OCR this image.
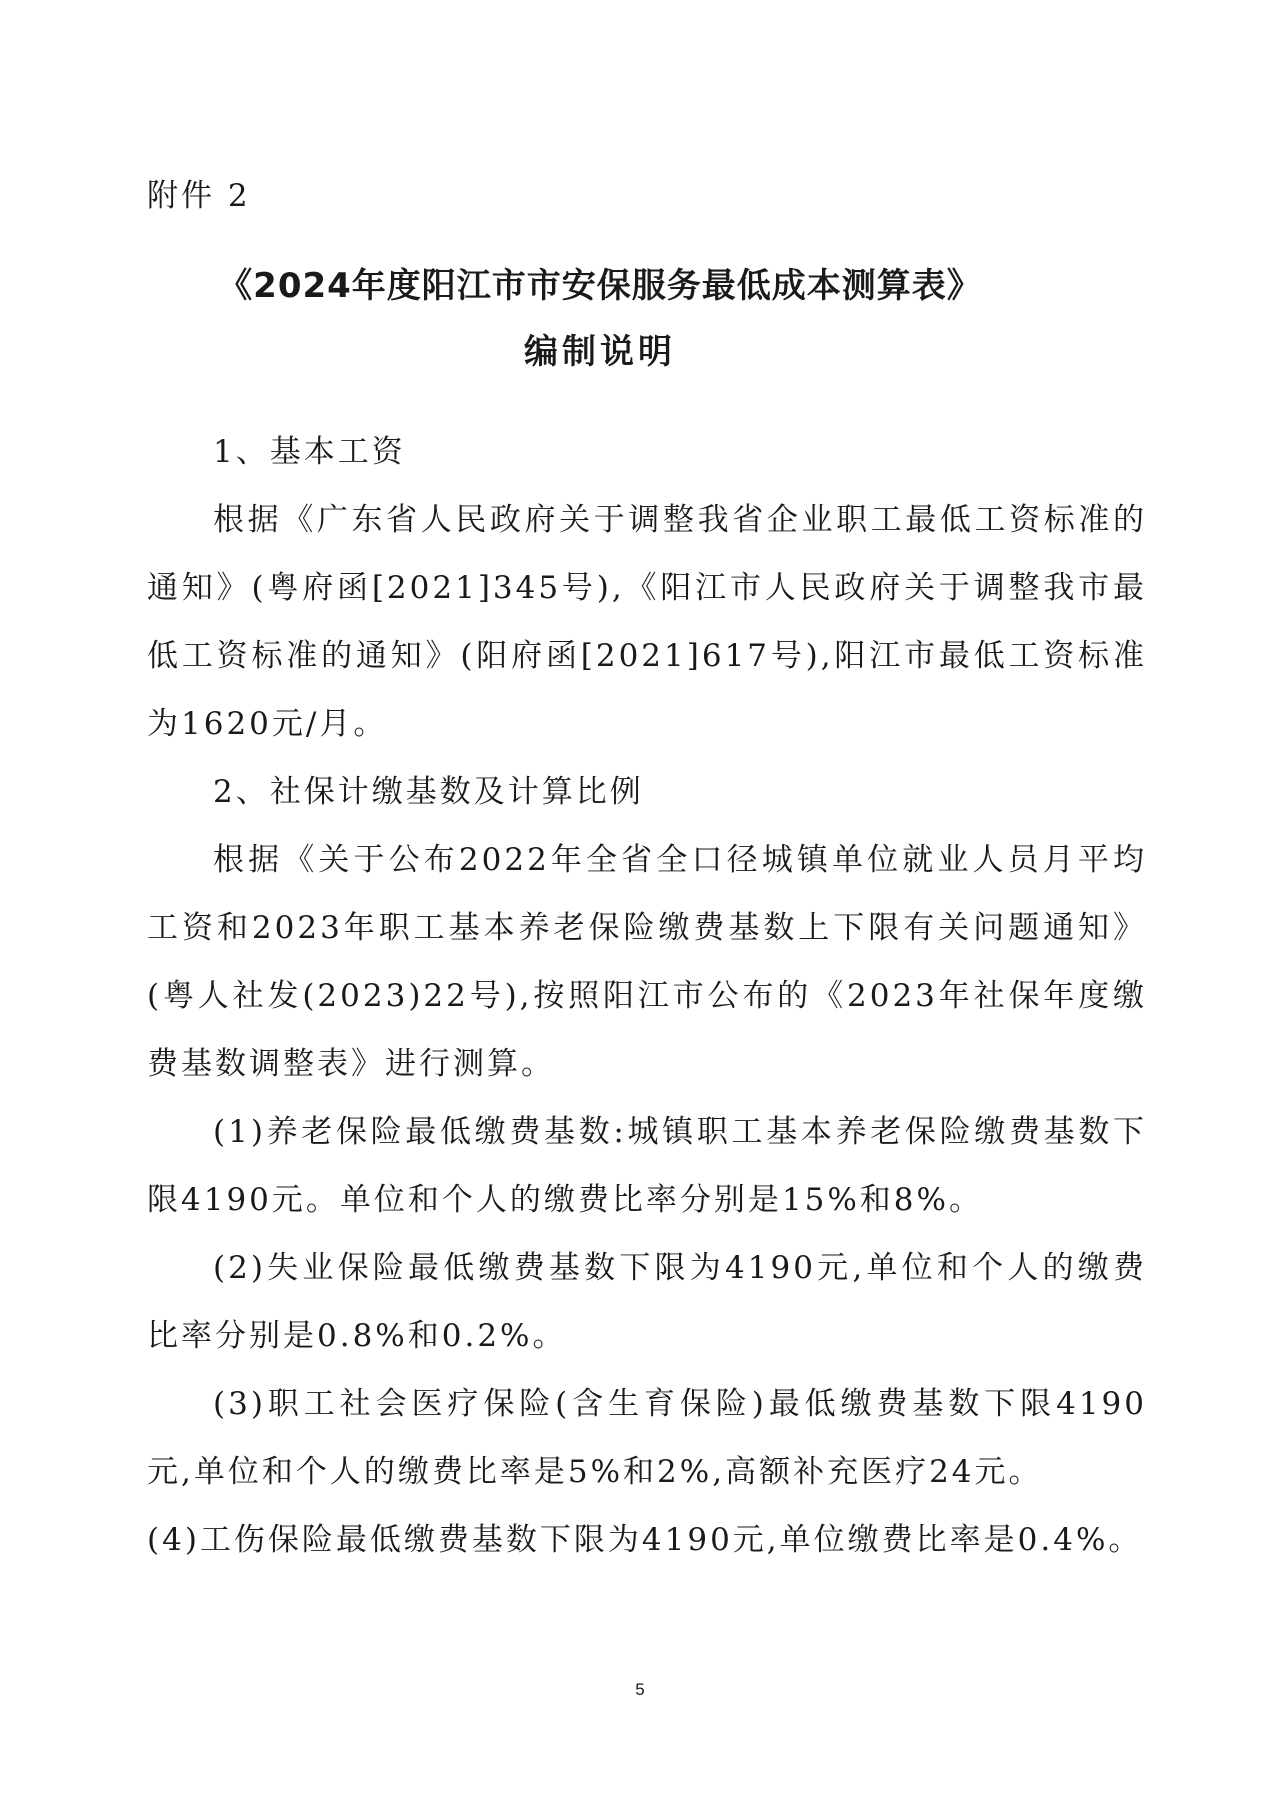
附件 2
《2024年度阳江市市安保服务最低成本测算表》
编制说明

1、基本工资

根据《广东省人民政府关于调整我省企业职工最低工资标准的通知》(粤府函[2021]345号),《阳江市人民政府关于调整我市最低工资标准的通知》(阳府函[2021]617号),阳江市最低工资标准为1620元/月。

2、社保计缴基数及计算比例

根据《关于公布2022年全省全口径城镇单位就业人员月平均工资和2023年职工基本养老保险缴费基数上下限有关问题通知》(粤人社发(2023)22号),按照阳江市公布的《2023年社保年度缴费基数调整表》进行测算。

(1)养老保险最低缴费基数:城镇职工基本养老保险缴费基数下限4190元。单位和个人的缴费比率分别是15%和8%。

(2)失业保险最低缴费基数下限为4190元,单位和个人的缴费比率分别是0.8%和0.2%。

(3)职工社会医疗保险(含生育保险)最低缴费基数下限4190元,单位和个人的缴费比率是5%和2%,高额补充医疗24元。

(4)工伤保险最低缴费基数下限为4190元,单位缴费比率是0.4%。

5
